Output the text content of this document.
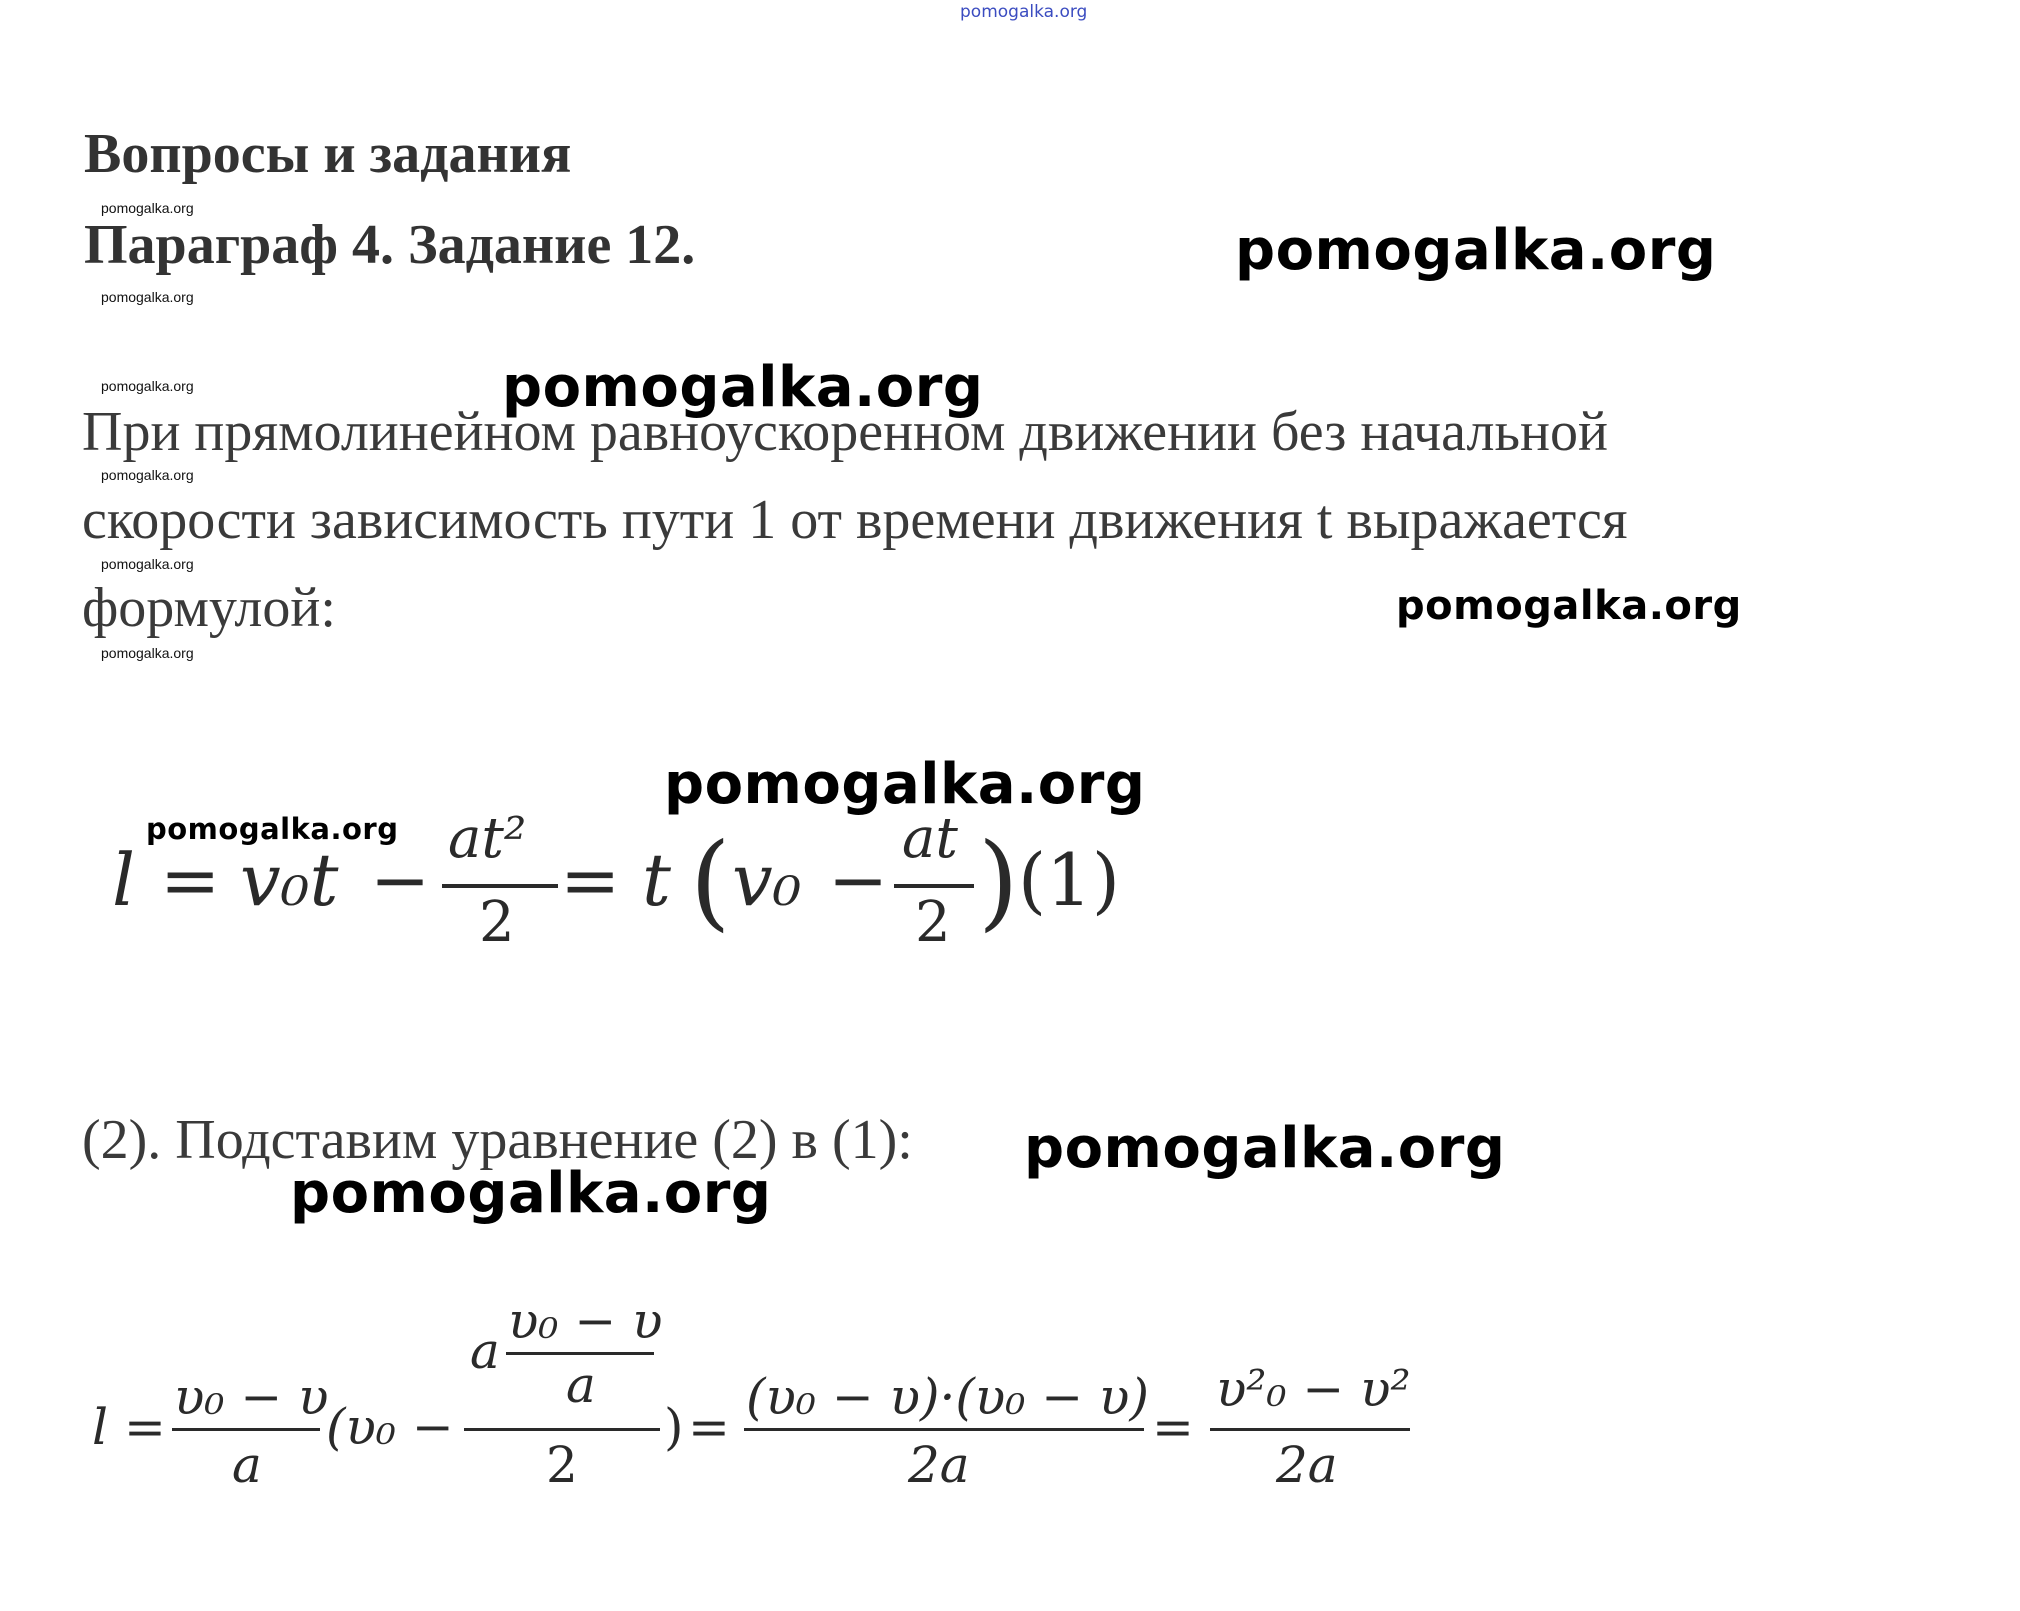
pomogalka.org
Вопросы и задания
pomogalka.org
Параграф 4. Задание 12.	pomogalka.org
pomogalka.org
pomogalka.org	pomogalka.org
При прямолинейном равноускоренном движении без начальной
pomogalka.org
скорости зависимость пути 1 от времени движения t выражается
pomogalka.org
формулой:	pomogalka.org
pomogalka.org
pomogalka.org
pomogalka.org
l = v₀t − at²
2
= t ( v₀ − at
2 ) (1)
(2). Подставим уравнение (2) в (1): pomogalka.org
pomogalka.org
l =
υ₀ − υ
a
(υ₀ −
a
υ₀ − υ
a
2
) =
(υ₀ − υ)·(υ₀ − υ)
2a
=
υ²₀ − υ²
2a
